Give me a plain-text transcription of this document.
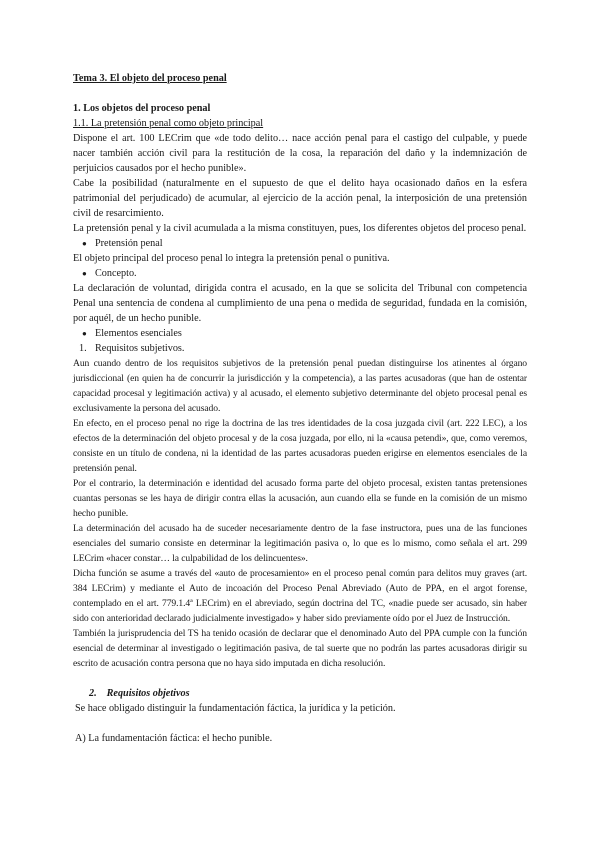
Tema 3. El objeto del proceso penal

1. Los objetos del proceso penal

1.1. La pretensión penal como objeto principal

Dispone el art. 100 LECrim que «de todo delito… nace acción penal para el castigo del culpable, y puede nacer también acción civil para la restitución de la cosa, la reparación del daño y la indemnización de perjuicios causados por el hecho punible».

Cabe la posibilidad (naturalmente en el supuesto de que el delito haya ocasionado daños en la esfera patrimonial del perjudicado) de acumular, al ejercicio de la acción penal, la interposición de una pretensión civil de resarcimiento.

La pretensión penal y la civil acumulada a la misma constituyen, pues, los diferentes objetos del proceso penal.

● Pretensión penal

El objeto principal del proceso penal lo integra la pretensión penal o punitiva.

● Concepto.

La declaración de voluntad, dirigida contra el acusado, en la que se solicita del Tribunal con competencia Penal una sentencia de condena al cumplimiento de una pena o medida de seguridad, fundada en la comisión, por aquél, de un hecho punible.

● Elementos esenciales

1. Requisitos subjetivos.

Aun cuando dentro de los requisitos subjetivos de la pretensión penal puedan distinguirse los atinentes al órgano jurisdiccional (en quien ha de concurrir la jurisdicción y la competencia), a las partes acusadoras (que han de ostentar capacidad procesal y legitimación activa) y al acusado, el elemento subjetivo determinante del objeto procesal penal es exclusivamente la persona del acusado.

En efecto, en el proceso penal no rige la doctrina de las tres identidades de la cosa juzgada civil (art. 222 LEC), a los efectos de la determinación del objeto procesal y de la cosa juzgada, por ello, ni la «causa petendi», que, como veremos, consiste en un título de condena, ni la identidad de las partes acusadoras pueden erigirse en elementos esenciales de la pretensión penal.

Por el contrario, la determinación e identidad del acusado forma parte del objeto procesal, existen tantas pretensiones cuantas personas se les haya de dirigir contra ellas la acusación, aun cuando ella se funde en la comisión de un mismo hecho punible.

La determinación del acusado ha de suceder necesariamente dentro de la fase instructora, pues una de las funciones esenciales del sumario consiste en determinar la legitimación pasiva o, lo que es lo mismo, como señala el art. 299 LECrim «hacer constar… la culpabilidad de los delincuentes».

Dicha función se asume a través del «auto de procesamiento» en el proceso penal común para delitos muy graves (art. 384 LECrim) y mediante el Auto de incoación del Proceso Penal Abreviado (Auto de PPA, en el argot forense, contemplado en el art. 779.1.4ª LECrim) en el abreviado, según doctrina del TC, «nadie puede ser acusado, sin haber sido con anterioridad declarado judicialmente investigado» y haber sido previamente oído por el Juez de Instrucción.

También la jurisprudencia del TS ha tenido ocasión de declarar que el denominado Auto del PPA cumple con la función esencial de determinar al investigado o legitimación pasiva, de tal suerte que no podrán las partes acusadoras dirigir su escrito de acusación contra persona que no haya sido imputada en dicha resolución.

2. Requisitos objetivos

Se hace obligado distinguir la fundamentación fáctica, la jurídica y la petición.

A) La fundamentación fáctica: el hecho punible.
